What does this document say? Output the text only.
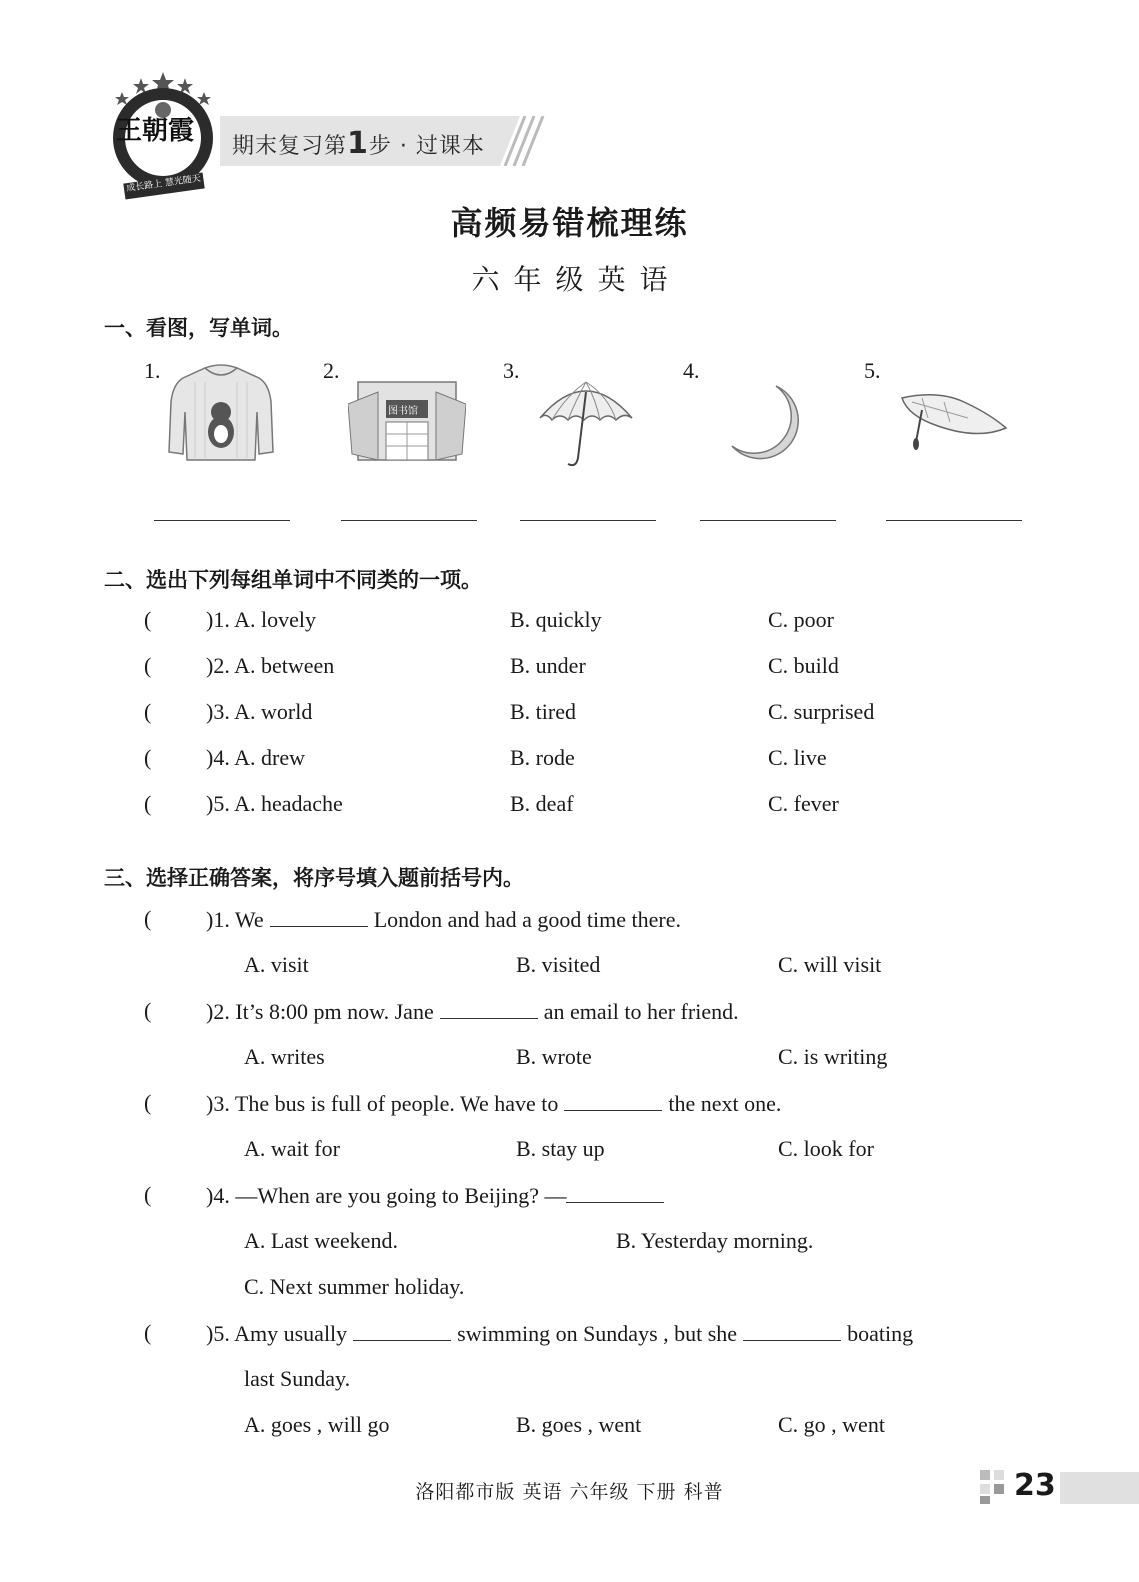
王朝霞
成长路上 慧光随天
期末复习第1步 · 过课本
高频易错梳理练
六年级英语
一、看图，写单词。
1.	2.	3.	4.	5.
图书馆
二、选出下列每组单词中不同类的一项。
( )1. A. lovely	B. quickly	C. poor
( )2. A. between	B. under	C. build
( )3. A. world	B. tired	C. surprised
( )4. A. drew	B. rode	C. live
( )5. A. headache	B. deaf	C. fever
三、选择正确答案，将序号填入题前括号内。
( )1. We	London and had a good time there.
A. visit	B. visited	C. will visit
( )2. It’s 8:00 pm now. Jane	an email to her friend.
A. writes	B. wrote	C. is writing
( )3. The bus is full of people. We have to	the next one.
A. wait for	B. stay up	C. look for
( )4. —When are you going to Beijing? —
A. Last weekend.	B. Yesterday morning.
C. Next summer holiday.
( )5. Amy usually	swimming on Sundays , but she	boating
last Sunday.
A. goes , will go	B. goes , went	C. go , went
洛阳都市版 英语 六年级 下册 科普	23
